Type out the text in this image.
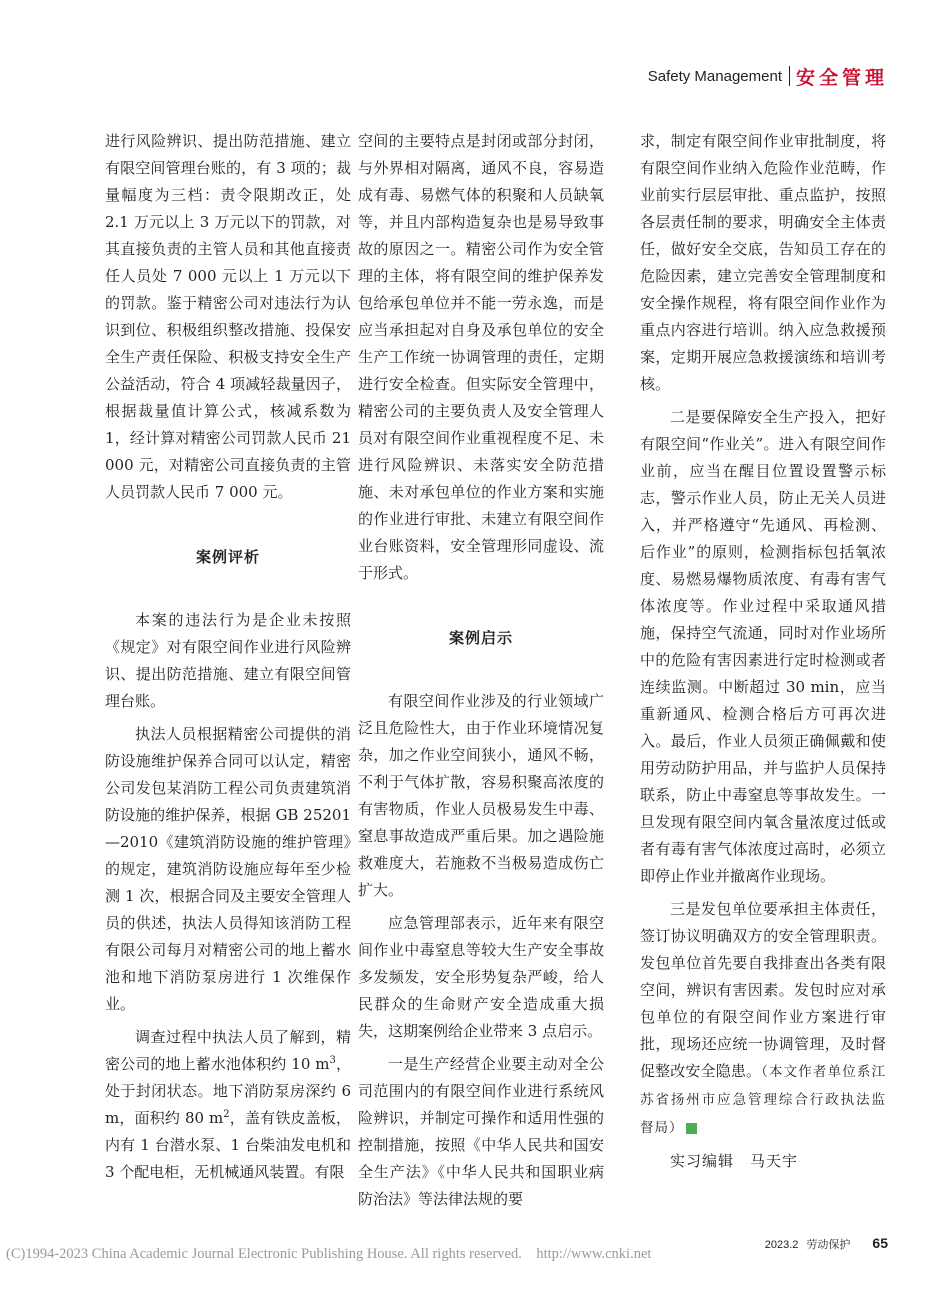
Safety Management 安全管理

进行风险辨识、提出防范措施、建立有限空间管理台账的，有 3 项的；裁量幅度为三档：责令限期改正，处 2.1 万元以上 3 万元以下的罚款，对其直接负责的主管人员和其他直接责任人员处 7 000 元以上 1 万元以下的罚款。鉴于精密公司对违法行为认识到位、积极组织整改措施、投保安全生产责任保险、积极支持安全生产公益活动，符合 4 项减轻裁量因子，根据裁量值计算公式，核减系数为 1，经计算对精密公司罚款人民币 21 000 元，对精密公司直接负责的主管人员罚款人民币 7 000 元。

案例评析

本案的违法行为是企业未按照《规定》对有限空间作业进行风险辨识、提出防范措施、建立有限空间管理台账。

执法人员根据精密公司提供的消防设施维护保养合同可以认定，精密公司发包某消防工程公司负责建筑消防设施的维护保养，根据 GB 25201—2010《建筑消防设施的维护管理》的规定，建筑消防设施应每年至少检测 1 次，根据合同及主要安全管理人员的供述，执法人员得知该消防工程有限公司每月对精密公司的地上蓄水池和地下消防泵房进行 1 次维保作业。

调查过程中执法人员了解到，精密公司的地上蓄水池体积约 10 $m^3$，处于封闭状态。地下消防泵房深约 6 m，面积约 80 $m^2$，盖有铁皮盖板，内有 1 台潜水泵、1 台柴油发电机和 3 个配电柜，无机械通风装置。有限

空间的主要特点是封闭或部分封闭，与外界相对隔离，通风不良，容易造成有毒、易燃气体的积聚和人员缺氧等，并且内部构造复杂也是易导致事故的原因之一。精密公司作为安全管理的主体，将有限空间的维护保养发包给承包单位并不能一劳永逸，而是应当承担起对自身及承包单位的安全生产工作统一协调管理的责任，定期进行安全检查。但实际安全管理中，精密公司的主要负责人及安全管理人员对有限空间作业重视程度不足、未进行风险辨识、未落实安全防范措施、未对承包单位的作业方案和实施的作业进行审批、未建立有限空间作业台账资料，安全管理形同虚设、流于形式。

案例启示

有限空间作业涉及的行业领域广泛且危险性大，由于作业环境情况复杂，加之作业空间狭小，通风不畅，不利于气体扩散，容易积聚高浓度的有害物质，作业人员极易发生中毒、窒息事故造成严重后果。加之遇险施救难度大，若施救不当极易造成伤亡扩大。

应急管理部表示，近年来有限空间作业中毒窒息等较大生产安全事故多发频发，安全形势复杂严峻，给人民群众的生命财产安全造成重大损失，这期案例给企业带来 3 点启示。

一是生产经营企业要主动对全公司范围内的有限空间作业进行系统风险辨识，并制定可操作和适用性强的控制措施，按照《中华人民共和国安全生产法》《中华人民共和国职业病防治法》等法律法规的要

求，制定有限空间作业审批制度，将有限空间作业纳入危险作业范畴，作业前实行层层审批、重点监护，按照各层责任制的要求，明确安全主体责任，做好安全交底，告知员工存在的危险因素，建立完善安全管理制度和安全操作规程，将有限空间作业作为重点内容进行培训。纳入应急救援预案，定期开展应急救援演练和培训考核。

二是要保障安全生产投入，把好有限空间“作业关”。进入有限空间作业前，应当在醒目位置设置警示标志，警示作业人员，防止无关人员进入，并严格遵守“先通风、再检测、后作业”的原则，检测指标包括氧浓度、易燃易爆物质浓度、有毒有害气体浓度等。作业过程中采取通风措施，保持空气流通，同时对作业场所中的危险有害因素进行定时检测或者连续监测。中断超过 30 min，应当重新通风、检测合格后方可再次进入。最后，作业人员须正确佩戴和使用劳动防护用品，并与监护人员保持联系，防止中毒窒息等事故发生。一旦发现有限空间内氧含量浓度过低或者有毒有害气体浓度过高时，必须立即停止作业并撤离作业现场。

三是发包单位要承担主体责任，签订协议明确双方的安全管理职责。发包单位首先要自我排查出各类有限空间，辨识有害因素。发包时应对承包单位的有限空间作业方案进行审批，现场还应统一协调管理，及时督促整改安全隐患。（本文作者单位系江苏省扬州市应急管理综合行政执法监督局）

实习编辑　马天宇

2023.2 劳动保护 65
(C)1994-2023 China Academic Journal Electronic Publishing House. All rights reserved.　http://www.cnki.net
